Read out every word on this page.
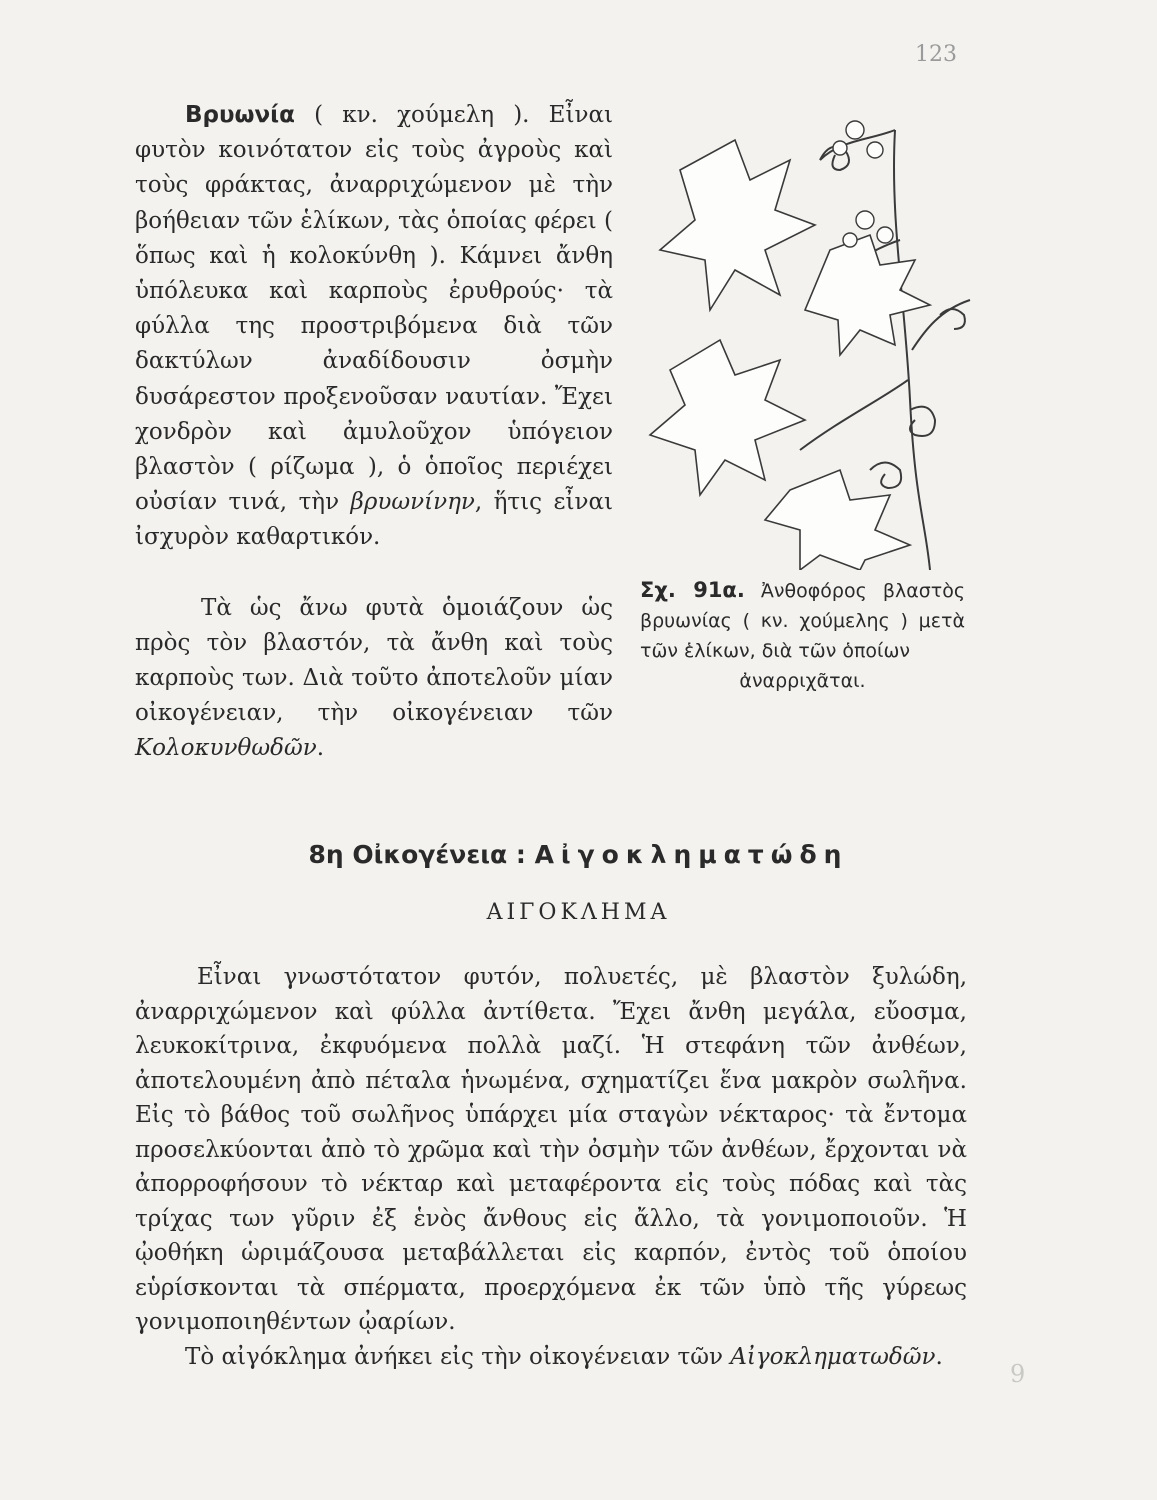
123

Βρυωνία ( κν. χούμελη ). Εἶναι φυτὸν κοινότατον εἰς τοὺς ἀγροὺς καὶ τοὺς φράκτας, ἀναρριχώμενον μὲ τὴν βοήθειαν τῶν ἑλίκων, τὰς ὁποίας φέρει ( ὅπως καὶ ἡ κολοκύνθη ). Κάμνει ἄνθη ὑπόλευκα καὶ καρποὺς ἐρυθρούς· τὰ φύλλα της προστριβόμενα διὰ τῶν δακτύλων ἀναδίδουσιν ὀσμὴν δυσάρεστον προξενοῦσαν ναυτίαν. Ἔχει χονδρὸν καὶ ἀμυλοῦχον ὑπόγειον βλαστὸν ( ρίζωμα ), ὁ ὁποῖος περιέχει οὐσίαν τινά, τὴν βρυωνίνην, ἥτις εἶναι ἰσχυρὸν καθαρτικόν.

Τὰ ὡς ἄνω φυτὰ ὁμοιάζουν ὡς πρὸς τὸν βλαστόν, τὰ ἄνθη καὶ τοὺς καρποὺς των. Διὰ τοῦτο ἀποτελοῦν μίαν οἰκογένειαν, τὴν οἰκογένειαν τῶν Κολοκυνθωδῶν.

Σχ. 91α. Ἀνθοφόρος βλαστὸς βρυωνίας ( κν. χούμελης ) μετὰ τῶν ἑλίκων, διὰ τῶν ὁποίων
ἀναρριχᾶται.
8η Οἰκογένεια : Αἰγοκληματώδη
ΑΙΓΟΚΛΗΜΑ

Εἶναι γνωστότατον φυτόν, πολυετές, μὲ βλαστὸν ξυλώδη, ἀναρριχώμενον καὶ φύλλα ἀντίθετα. Ἔχει ἄνθη μεγάλα, εὔοσμα, λευκοκίτρινα, ἐκφυόμενα πολλὰ μαζί. Ἡ στεφάνη τῶν ἀνθέων, ἀποτελουμένη ἀπὸ πέταλα ἡνωμένα, σχηματίζει ἕνα μακρὸν σωλῆνα. Εἰς τὸ βάθος τοῦ σωλῆνος ὑπάρχει μία σταγὼν νέκταρος· τὰ ἔντομα προσελκύονται ἀπὸ τὸ χρῶμα καὶ τὴν ὀσμὴν τῶν ἀνθέων, ἔρχονται νὰ ἀπορροφήσουν τὸ νέκταρ καὶ μεταφέροντα εἰς τοὺς πόδας καὶ τὰς τρίχας των γῦριν ἐξ ἑνὸς ἄνθους εἰς ἄλλο, τὰ γονιμοποιοῦν. Ἡ ᾠοθήκη ὡριμάζουσα μεταβάλλεται εἰς καρπόν, ἐντὸς τοῦ ὁποίου εὑρίσκονται τὰ σπέρματα, προερχόμενα ἐκ τῶν ὑπὸ τῆς γύρεως γονιμοποιηθέντων ᾠαρίων.

Τὸ αἰγόκλημα ἀνήκει εἰς τὴν οἰκογένειαν τῶν Αἰγοκληματωδῶν.

9
